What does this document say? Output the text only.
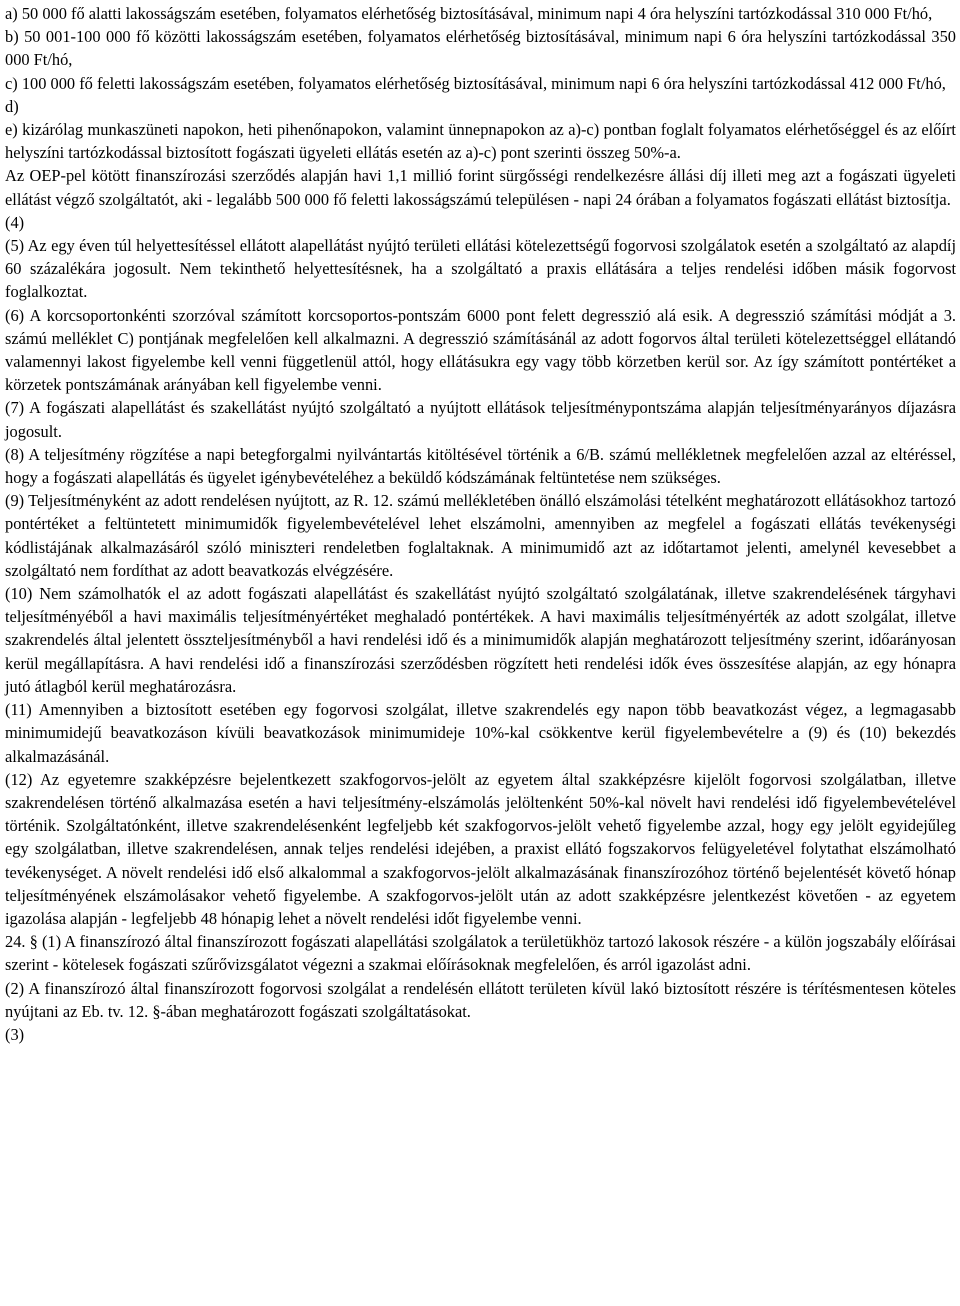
a) 50 000 fő alatti lakosságszám esetében, folyamatos elérhetőség biztosításával, minimum napi 4 óra helyszíni tartózkodással 310 000 Ft/hó,

b) 50 001-100 000 fő közötti lakosságszám esetében, folyamatos elérhetőség biztosításával, minimum napi 6 óra helyszíni tartózkodással 350 000 Ft/hó,

c) 100 000 fő feletti lakosságszám esetében, folyamatos elérhetőség biztosításával, minimum napi 6 óra helyszíni tartózkodással 412 000 Ft/hó,

d)

e) kizárólag munkaszüneti napokon, heti pihenőnapokon, valamint ünnepnapokon az a)-c) pontban foglalt folyamatos elérhetőséggel és az előírt helyszíni tartózkodással biztosított fogászati ügyeleti ellátás esetén az a)-c) pont szerinti összeg 50%-a.

Az OEP-pel kötött finanszírozási szerződés alapján havi 1,1 millió forint sürgősségi rendelkezésre állási díj illeti meg azt a fogászati ügyeleti ellátást végző szolgáltatót, aki - legalább 500 000 fő feletti lakosságszámú településen - napi 24 órában a folyamatos fogászati ellátást biztosítja.

(4)

(5) Az egy éven túl helyettesítéssel ellátott alapellátást nyújtó területi ellátási kötelezettségű fogorvosi szolgálatok esetén a szolgáltató az alapdíj 60 százalékára jogosult. Nem tekinthető helyettesítésnek, ha a szolgáltató a praxis ellátására a teljes rendelési időben másik fogorvost foglalkoztat.

(6) A korcsoportonkénti szorzóval számított korcsoportos-pontszám 6000 pont felett degresszió alá esik. A degresszió számítási módját a 3. számú melléklet C) pontjának megfelelően kell alkalmazni. A degresszió számításánál az adott fogorvos által területi kötelezettséggel ellátandó valamennyi lakost figyelembe kell venni függetlenül attól, hogy ellátásukra egy vagy több körzetben kerül sor. Az így számított pontértéket a körzetek pontszámának arányában kell figyelembe venni.

(7) A fogászati alapellátást és szakellátást nyújtó szolgáltató a nyújtott ellátások teljesítménypontszáma alapján teljesítményarányos díjazásra jogosult.

(8) A teljesítmény rögzítése a napi betegforgalmi nyilvántartás kitöltésével történik a 6/B. számú mellékletnek megfelelően azzal az eltéréssel, hogy a fogászati alapellátás és ügyelet igénybevételéhez a beküldő kódszámának feltüntetése nem szükséges.

(9) Teljesítményként az adott rendelésen nyújtott, az R. 12. számú mellékletében önálló elszámolási tételként meghatározott ellátásokhoz tartozó pontértéket a feltüntetett minimumidők figyelembevételével lehet elszámolni, amennyiben az megfelel a fogászati ellátás tevékenységi kódlistájának alkalmazásáról szóló miniszteri rendeletben foglaltaknak. A minimumidő azt az időtartamot jelenti, amelynél kevesebbet a szolgáltató nem fordíthat az adott beavatkozás elvégzésére.

(10) Nem számolhatók el az adott fogászati alapellátást és szakellátást nyújtó szolgáltató szolgálatának, illetve szakrendelésének tárgyhavi teljesítményéből a havi maximális teljesítményértéket meghaladó pontértékek. A havi maximális teljesítményérték az adott szolgálat, illetve szakrendelés által jelentett összteljesítményből a havi rendelési idő és a minimumidők alapján meghatározott teljesítmény szerint, időarányosan kerül megállapításra. A havi rendelési idő a finanszírozási szerződésben rögzített heti rendelési idők éves összesítése alapján, az egy hónapra jutó átlagból kerül meghatározásra.

(11) Amennyiben a biztosított esetében egy fogorvosi szolgálat, illetve szakrendelés egy napon több beavatkozást végez, a legmagasabb minimumidejű beavatkozáson kívüli beavatkozások minimumideje 10%-kal csökkentve kerül figyelembevételre a (9) és (10) bekezdés alkalmazásánál.

(12) Az egyetemre szakképzésre bejelentkezett szakfogorvos-jelölt az egyetem által szakképzésre kijelölt fogorvosi szolgálatban, illetve szakrendelésen történő alkalmazása esetén a havi teljesítmény-elszámolás jelöltenként 50%-kal növelt havi rendelési idő figyelembevételével történik. Szolgáltatónként, illetve szakrendelésenként legfeljebb két szakfogorvos-jelölt vehető figyelembe azzal, hogy egy jelölt egyidejűleg egy szolgálatban, illetve szakrendelésen, annak teljes rendelési idejében, a praxist ellátó fogszakorvos felügyeletével folytathat elszámolható tevékenységet. A növelt rendelési idő első alkalommal a szakfogorvos-jelölt alkalmazásának finanszírozóhoz történő bejelentését követő hónap teljesítményének elszámolásakor vehető figyelembe. A szakfogorvos-jelölt után az adott szakképzésre jelentkezést követően - az egyetem igazolása alapján - legfeljebb 48 hónapig lehet a növelt rendelési időt figyelembe venni.

24. § (1) A finanszírozó által finanszírozott fogászati alapellátási szolgálatok a területükhöz tartozó lakosok részére - a külön jogszabály előírásai szerint - kötelesek fogászati szűrővizsgálatot végezni a szakmai előírásoknak megfelelően, és arról igazolást adni.

(2) A finanszírozó által finanszírozott fogorvosi szolgálat a rendelésén ellátott területen kívül lakó biztosított részére is térítésmentesen köteles nyújtani az Eb. tv. 12. §-ában meghatározott fogászati szolgáltatásokat.

(3)
